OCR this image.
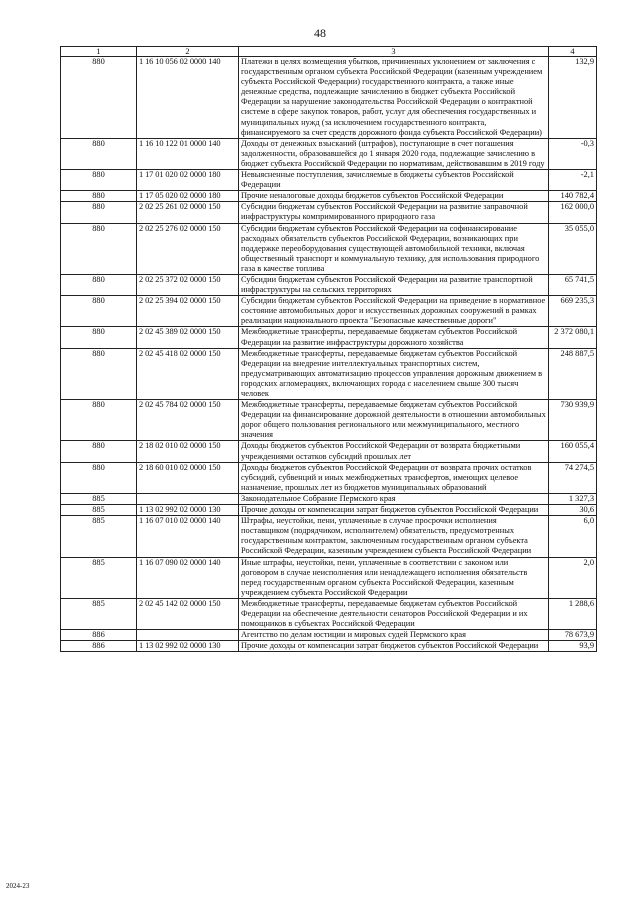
48
1	2	3	4
880	1 16 10 056 02 0000 140	Платежи в целях возмещения убытков, причиненных уклонением от заключения с государственным органом субъекта Российской Федерации (казенным учреждением субъекта Российской Федерации) государственного контракта, а также иные денежные средства, подлежащие зачислению в бюджет субъекта Российской Федерации за нарушение законодательства Российской Федерации о контрактной системе в сфере закупок товаров, работ, услуг для обеспечения государственных и муниципальных нужд (за исключением государственного контракта, финансируемого за счет средств дорожного фонда субъекта Российской Федерации)	132,9
880	1 16 10 122 01 0000 140	Доходы от денежных взысканий (штрафов), поступающие в счет погашения задолженности, образовавшейся до 1 января 2020 года, подлежащие зачислению в бюджет субъекта Российской Федерации по нормативам, действовавшим в 2019 году	-0,3
880	1 17 01 020 02 0000 180	Невыясненные поступления, зачисляемые в бюджеты субъектов Российской Федерации	-2,1
880	1 17 05 020 02 0000 180	Прочие неналоговые доходы бюджетов субъектов Российской Федерации	140 782,4
880	2 02 25 261 02 0000 150	Субсидии бюджетам субъектов Российской Федерации на развитие заправочной инфраструктуры компримированного природного газа	162 000,0
880	2 02 25 276 02 0000 150	Субсидии бюджетам субъектов Российской Федерации на софинансирование расходных обязательств субъектов Российской Федерации, возникающих при поддержке переоборудования существующей автомобильной техники, включая общественный транспорт и коммунальную технику, для использования природного газа в качестве топлива	35 055,0
880	2 02 25 372 02 0000 150	Субсидии бюджетам субъектов Российской Федерации на развитие транспортной инфраструктуры на сельских территориях	65 741,5
880	2 02 25 394 02 0000 150	Субсидии бюджетам субъектов Российской Федерации на приведение в нормативное состояние автомобильных дорог и искусственных дорожных сооружений в рамках реализации национального проекта "Безопасные качественные дороги"	669 235,3
880	2 02 45 389 02 0000 150	Межбюджетные трансферты, передаваемые бюджетам субъектов Российской Федерации на развитие инфраструктуры дорожного хозяйства	2 372 080,1
880	2 02 45 418 02 0000 150	Межбюджетные трансферты, передаваемые бюджетам субъектов Российской Федерации на внедрение интеллектуальных транспортных систем, предусматривающих автоматизацию процессов управления дорожным движением в городских агломерациях, включающих города с населением свыше 300 тысяч человек	248 887,5
880	2 02 45 784 02 0000 150	Межбюджетные трансферты, передаваемые бюджетам субъектов Российской Федерации на финансирование дорожной деятельности в отношении автомобильных дорог общего пользования регионального или межмуниципального, местного значения	730 939,9
880	2 18 02 010 02 0000 150	Доходы бюджетов субъектов Российской Федерации от возврата бюджетными учреждениями остатков субсидий прошлых лет	160 055,4
880	2 18 60 010 02 0000 150	Доходы бюджетов субъектов Российской Федерации от возврата прочих остатков субсидий, субвенций и иных межбюджетных трансфертов, имеющих целевое назначение, прошлых лет из бюджетов муниципальных образований	74 274,5
885		Законодательное Собрание Пермского края	1 327,3
885	1 13 02 992 02 0000 130	Прочие доходы от компенсации затрат бюджетов субъектов Российской Федерации	30,6
885	1 16 07 010 02 0000 140	Штрафы, неустойки, пени, уплаченные в случае просрочки исполнения поставщиком (подрядчиком, исполнителем) обязательств, предусмотренных государственным контрактом, заключенным государственным органом субъекта Российской Федерации, казенным учреждением субъекта Российской Федерации	6,0
885	1 16 07 090 02 0000 140	Иные штрафы, неустойки, пени, уплаченные в соответствии с законом или договором в случае неисполнения или ненадлежащего исполнения обязательств перед государственным органом субъекта Российской Федерации, казенным учреждением субъекта Российской Федерации	2,0
885	2 02 45 142 02 0000 150	Межбюджетные трансферты, передаваемые бюджетам субъектов Российской Федерации на обеспечение деятельности сенаторов Российской Федерации и их помощников в субъектах Российской Федерации	1 288,6
886		Агентство по делам юстиции и мировых судей Пермского края	78 673,9
886	1 13 02 992 02 0000 130	Прочие доходы от компенсации затрат бюджетов субъектов Российской Федерации	93,9
2024-23
